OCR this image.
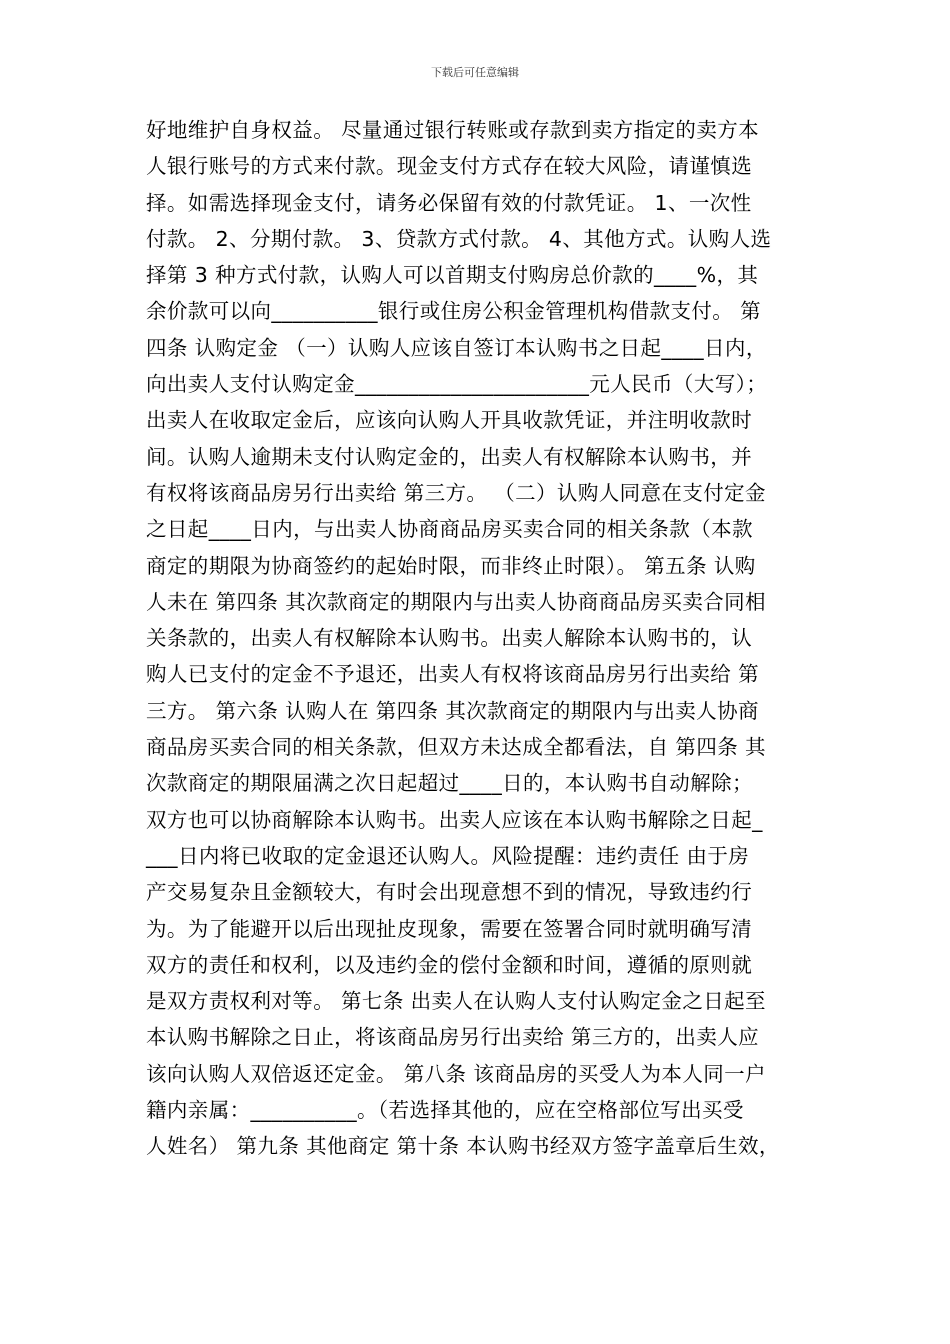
下载后可任意编辑
好地维护自身权益。 尽量通过银行转账或存款到卖方指定的卖方本
人银行账号的方式来付款。现金支付方式存在较大风险，请谨慎选
择。如需选择现金支付，请务必保留有效的付款凭证。 1、一次性
付款。 2、分期付款。 3、贷款方式付款。 4、其他方式。认购人选
择第 3 种方式付款，认购人可以首期支付购房总价款的____%，其
余价款可以向__________银行或住房公积金管理机构借款支付。 第
四条 认购定金 （一）认购人应该自签订本认购书之日起____日内，
向出卖人支付认购定金______________________元人民币（大写）；
出卖人在收取定金后，应该向认购人开具收款凭证，并注明收款时
间。认购人逾期未支付认购定金的，出卖人有权解除本认购书，并
有权将该商品房另行出卖给 第三方。 （二）认购人同意在支付定金
之日起____日内，与出卖人协商商品房买卖合同的相关条款（本款
商定的期限为协商签约的起始时限，而非终止时限）。 第五条 认购
人未在 第四条 其次款商定的期限内与出卖人协商商品房买卖合同相
关条款的，出卖人有权解除本认购书。出卖人解除本认购书的，认
购人已支付的定金不予退还，出卖人有权将该商品房另行出卖给 第
三方。 第六条 认购人在 第四条 其次款商定的期限内与出卖人协商
商品房买卖合同的相关条款，但双方未达成全都看法，自 第四条 其
次款商定的期限届满之次日起超过____日的，本认购书自动解除；
双方也可以协商解除本认购书。出卖人应该在本认购书解除之日起_
___日内将已收取的定金退还认购人。风险提醒：违约责任 由于房
产交易复杂且金额较大，有时会出现意想不到的情况，导致违约行
为。为了能避开以后出现扯皮现象，需要在签署合同时就明确写清
双方的责任和权利，以及违约金的偿付金额和时间，遵循的原则就
是双方责权利对等。 第七条 出卖人在认购人支付认购定金之日起至
本认购书解除之日止，将该商品房另行出卖给 第三方的，出卖人应
该向认购人双倍返还定金。 第八条 该商品房的买受人为本人同一户
籍内亲属：__________。（若选择其他的，应在空格部位写出买受
人姓名） 第九条 其他商定 第十条 本认购书经双方签字盖章后生效，
